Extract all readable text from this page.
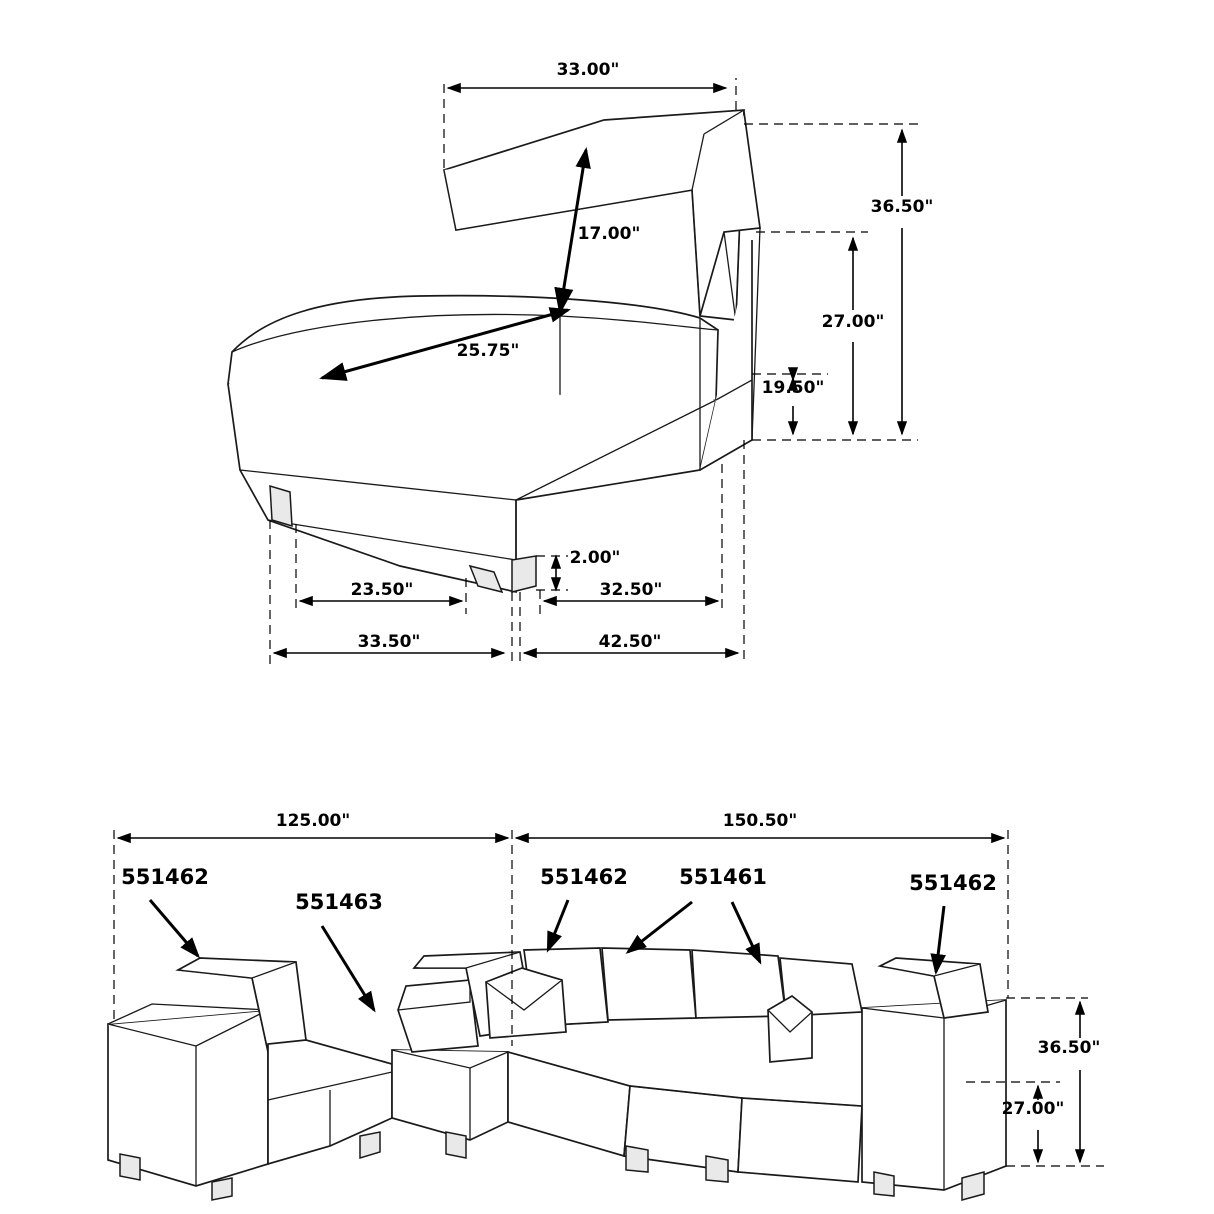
33.00"
17.00"
25.75"
36.50"
27.00"
19.50"
2.00"
23.50"	32.50"
33.50"	42.50"
125.00"	150.50"
36.50"
27.00"
551462
551463
551462 551461	551462
